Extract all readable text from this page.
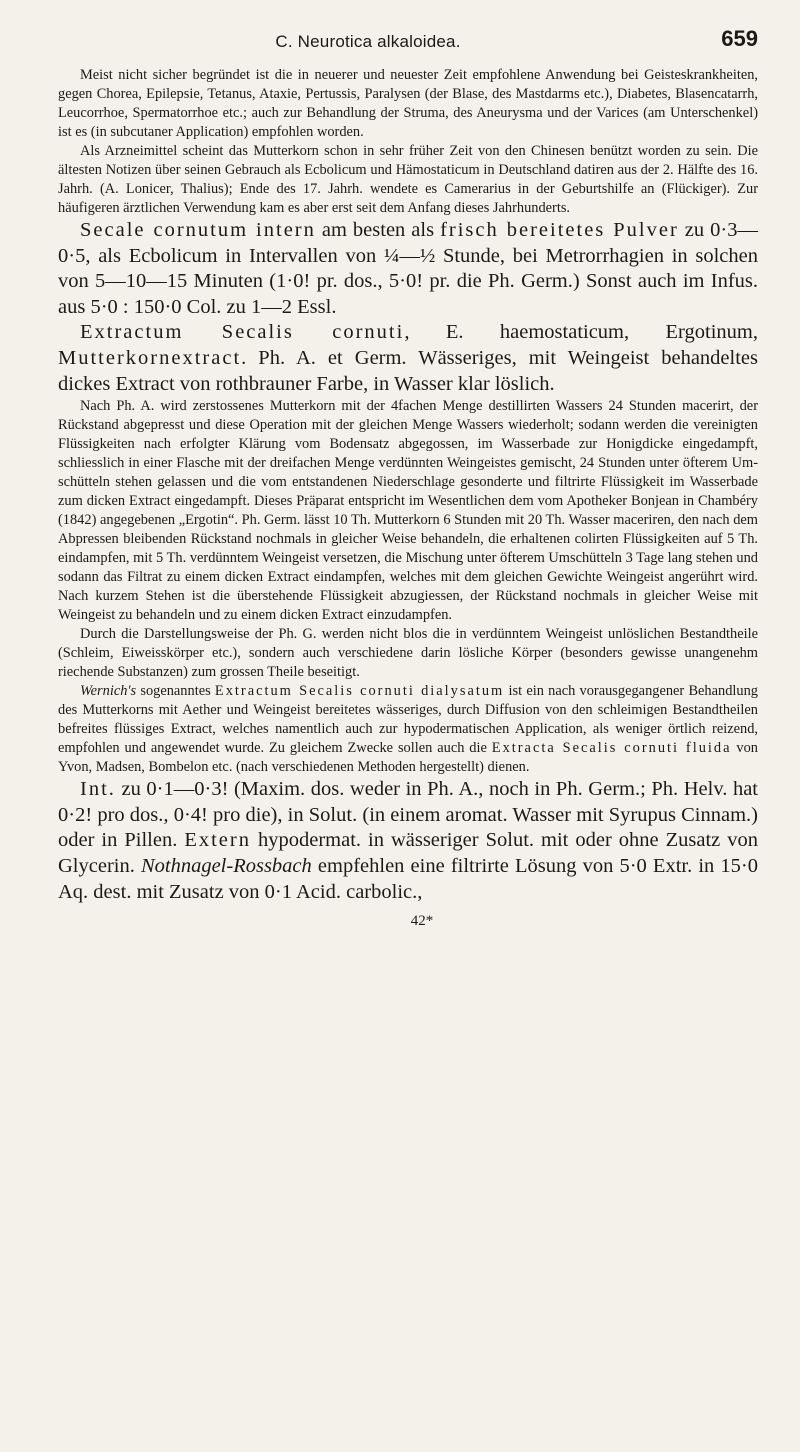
C. Neurotica alkaloidea.	659

Meist nicht sicher begründet ist die in neuerer und neuester Zeit empfohlene Anwendung bei Geisteskrankheiten, gegen Chorea, Epilepsie, Tetanus, Ataxie, Pertussis, Paralysen (der Blase, des Mastdarms etc.), Diabetes, Blasencatarrh, Leucorrhoe, Spermatorrhoe etc.; auch zur Behandlung der Struma, des Aneurysma und der Varices (am Unterschenkel) ist es (in subcutaner Application) empfohlen worden.

Als Arzneimittel scheint das Mutterkorn schon in sehr früher Zeit von den Chinesen benützt worden zu sein. Die ältesten Notizen über seinen Gebrauch als Ecbolicum und Hämostaticum in Deutschland datiren aus der 2. Hälfte des 16. Jahrh. (A. Lonicer, Thalius); Ende des 17. Jahrh. wendete es Camerarius in der Geburtshilfe an (Flückiger). Zur häufigeren ärztlichen Verwendung kam es aber erst seit dem Anfang dieses Jahrhunderts.

Secale cornutum intern am besten als frisch bereitetes Pulver zu 0·3—0·5, als Ecbolicum in Intervallen von ¼—½ Stunde, bei Metrorrhagien in solchen von 5—10—15 Minuten (1·0! pr. dos., 5·0! pr. die Ph. Germ.) Sonst auch im Infus. aus 5·0 : 150·0 Col. zu 1—2 Essl.

Extractum Secalis cornuti, E. haemostaticum, Ergotinum, Mutterkornextract. Ph. A. et Germ. Wässeriges, mit Weingeist behandeltes dickes Extract von rothbrauner Farbe, in Wasser klar löslich.

Nach Ph. A. wird zerstossenes Mutterkorn mit der 4fachen Menge destillirten Wassers 24 Stunden macerirt, der Rückstand abgepresst und diese Operation mit der gleichen Menge Wassers wiederholt; sodann werden die vereinigten Flüssigkeiten nach erfolgter Klärung vom Bodensatz abgegossen, im Wasserbade zur Honigdicke eingedampft, schliesslich in einer Flasche mit der dreifachen Menge verdünnten Weingeistes gemischt, 24 Stunden unter öfterem Umschütteln stehen gelassen und die vom entstandenen Niederschlage gesonderte und filtrirte Flüssigkeit im Wasserbade zum dicken Extract eingedampft. Dieses Präparat entspricht im Wesentlichen dem vom Apotheker Bonjean in Chambéry (1842) angegebenen „Ergotin“. Ph. Germ. lässt 10 Th. Mutterkorn 6 Stunden mit 20 Th. Wasser maceriren, den nach dem Abpressen bleibenden Rückstand nochmals in gleicher Weise behandeln, die erhaltenen colirten Flüssigkeiten auf 5 Th. eindampfen, mit 5 Th. verdünntem Weingeist versetzen, die Mischung unter öfterem Umschütteln 3 Tage lang stehen und sodann das Filtrat zu einem dicken Extract eindampfen, welches mit dem gleichen Gewichte Weingeist angerührt wird. Nach kurzem Stehen ist die überstehende Flüssigkeit abzugiessen, der Rückstand nochmals in gleicher Weise mit Weingeist zu behandeln und zu einem dicken Extract einzudampfen.

Durch die Darstellungsweise der Ph. G. werden nicht blos die in verdünntem Weingeist unlöslichen Bestandtheile (Schleim, Eiweisskörper etc.), sondern auch verschiedene darin lösliche Körper (besonders gewisse unangenehm riechende Substanzen) zum grossen Theile beseitigt.

Wernich's sogenanntes Extractum Secalis cornuti dialysatum ist ein nach vorausgegangener Behandlung des Mutterkorns mit Aether und Weingeist bereitetes wässeriges, durch Diffusion von den schleimigen Bestandtheilen befreites flüssiges Extract, welches namentlich auch zur hypodermatischen Application, als weniger örtlich reizend, empfohlen und angewendet wurde. Zu gleichem Zwecke sollen auch die Extracta Secalis cornuti fluida von Yvon, Madsen, Bombelon etc. (nach verschiedenen Methoden hergestellt) dienen.

Int. zu 0·1—0·3! (Maxim. dos. weder in Ph. A., noch in Ph. Germ.; Ph. Helv. hat 0·2! pro dos., 0·4! pro die), in Solut. (in einem aromat. Wasser mit Syrupus Cinnam.) oder in Pillen. Extern hypodermat. in wässeriger Solut. mit oder ohne Zusatz von Glycerin. Nothnagel-Rossbach empfehlen eine filtrirte Lösung von 5·0 Extr. in 15·0 Aq. dest. mit Zusatz von 0·1 Acid. carbolic.,

42*
